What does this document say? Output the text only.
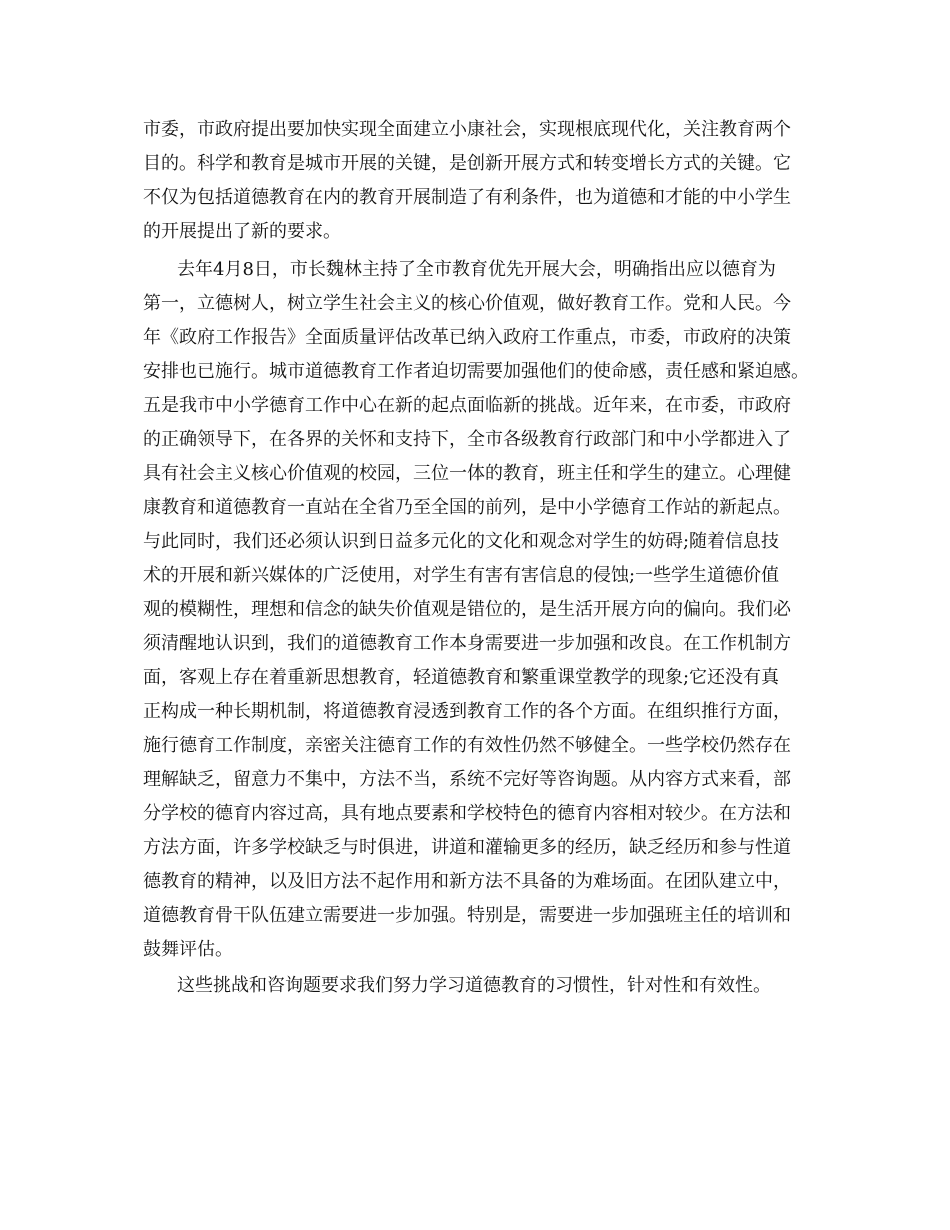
市委，市政府提出要加快实现全面建立小康社会，实现根底现代化，关注教育两个
目的。科学和教育是城市开展的关键，是创新开展方式和转变增长方式的关键。它
不仅为包括道德教育在内的教育开展制造了有利条件，也为道德和才能的中小学生
的开展提出了新的要求。
去年4月8日，市长魏林主持了全市教育优先开展大会，明确指出应以德育为
第一，立德树人，树立学生社会主义的核心价值观，做好教育工作。党和人民。今
年《政府工作报告》全面质量评估改革已纳入政府工作重点，市委，市政府的决策
安排也已施行。城市道德教育工作者迫切需要加强他们的使命感，责任感和紧迫感。
五是我市中小学德育工作中心在新的起点面临新的挑战。近年来，在市委，市政府
的正确领导下，在各界的关怀和支持下，全市各级教育行政部门和中小学都进入了
具有社会主义核心价值观的校园，三位一体的教育，班主任和学生的建立。心理健
康教育和道德教育一直站在全省乃至全国的前列，是中小学德育工作站的新起点。
与此同时，我们还必须认识到日益多元化的文化和观念对学生的妨碍;随着信息技
术的开展和新兴媒体的广泛使用，对学生有害有害信息的侵蚀;一些学生道德价值
观的模糊性，理想和信念的缺失价值观是错位的，是生活开展方向的偏向。我们必
须清醒地认识到，我们的道德教育工作本身需要进一步加强和改良。在工作机制方
面，客观上存在着重新思想教育，轻道德教育和繁重课堂教学的现象;它还没有真
正构成一种长期机制，将道德教育浸透到教育工作的各个方面。在组织推行方面，
施行德育工作制度，亲密关注德育工作的有效性仍然不够健全。一些学校仍然存在
理解缺乏，留意力不集中，方法不当，系统不完好等咨询题。从内容方式来看，部
分学校的德育内容过高，具有地点要素和学校特色的德育内容相对较少。在方法和
方法方面，许多学校缺乏与时俱进，讲道和灌输更多的经历，缺乏经历和参与性道
德教育的精神，以及旧方法不起作用和新方法不具备的为难场面。在团队建立中，
道德教育骨干队伍建立需要进一步加强。特别是，需要进一步加强班主任的培训和
鼓舞评估。
这些挑战和咨询题要求我们努力学习道德教育的习惯性，针对性和有效性。
